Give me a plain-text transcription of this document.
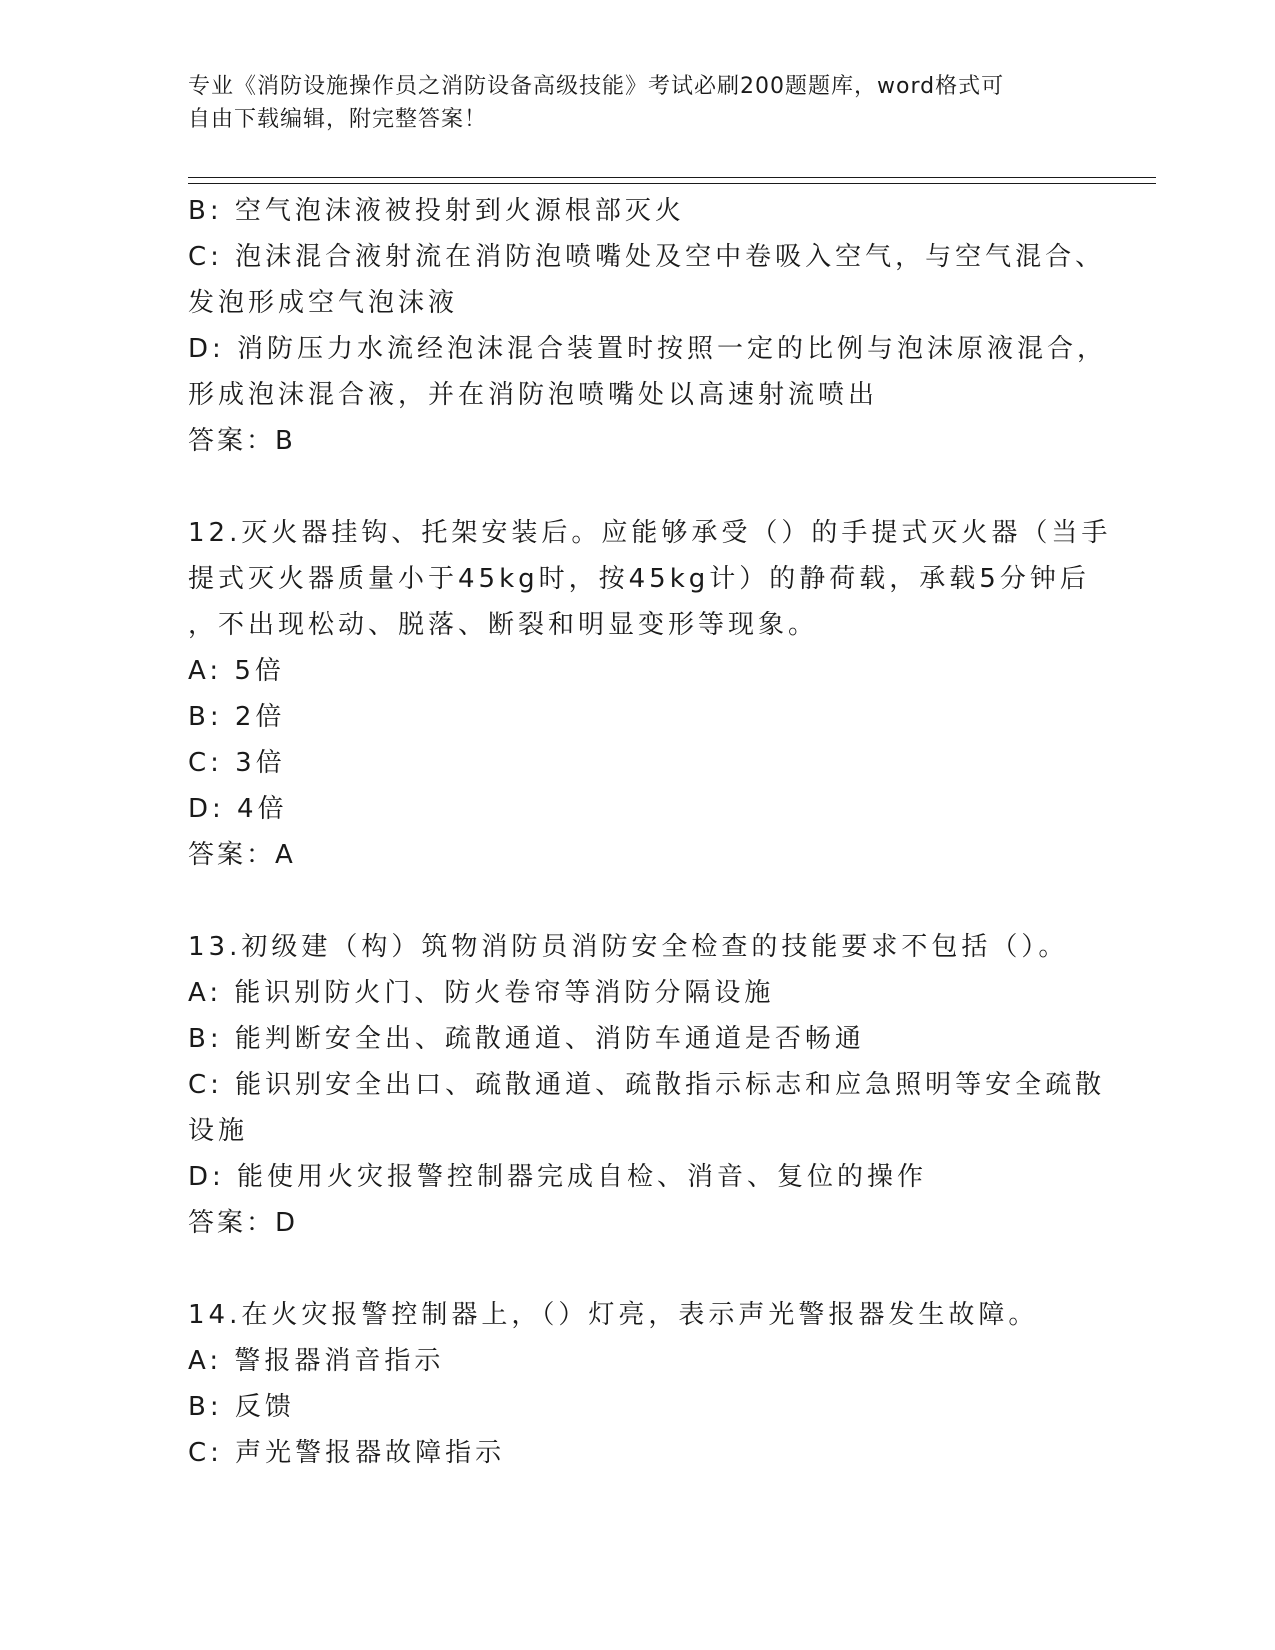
专业《消防设施操作员之消防设备高级技能》考试必刷200题题库，word格式可
自由下载编辑，附完整答案！
B: 空气泡沫液被投射到火源根部灭火
C: 泡沫混合液射流在消防泡喷嘴处及空中卷吸入空气，与空气混合、
发泡形成空气泡沫液
D: 消防压力水流经泡沫混合装置时按照一定的比例与泡沫原液混合，
形成泡沫混合液，并在消防泡喷嘴处以高速射流喷出
答案：B
12.灭火器挂钩、托架安装后。应能够承受（）的手提式灭火器（当手
提式灭火器质量小于45kg时，按45kg计）的静荷载，承载5分钟后
，不出现松动、脱落、断裂和明显变形等现象。
A: 5倍
B: 2倍
C: 3倍
D: 4倍
答案：A
13.初级建（构）筑物消防员消防安全检查的技能要求不包括（）。
A: 能识别防火门、防火卷帘等消防分隔设施
B: 能判断安全出、疏散通道、消防车通道是否畅通
C: 能识别安全出口、疏散通道、疏散指示标志和应急照明等安全疏散
设施
D: 能使用火灾报警控制器完成自检、消音、复位的操作
答案：D
14.在火灾报警控制器上，（）灯亮，表示声光警报器发生故障。
A: 警报器消音指示
B: 反馈
C: 声光警报器故障指示
